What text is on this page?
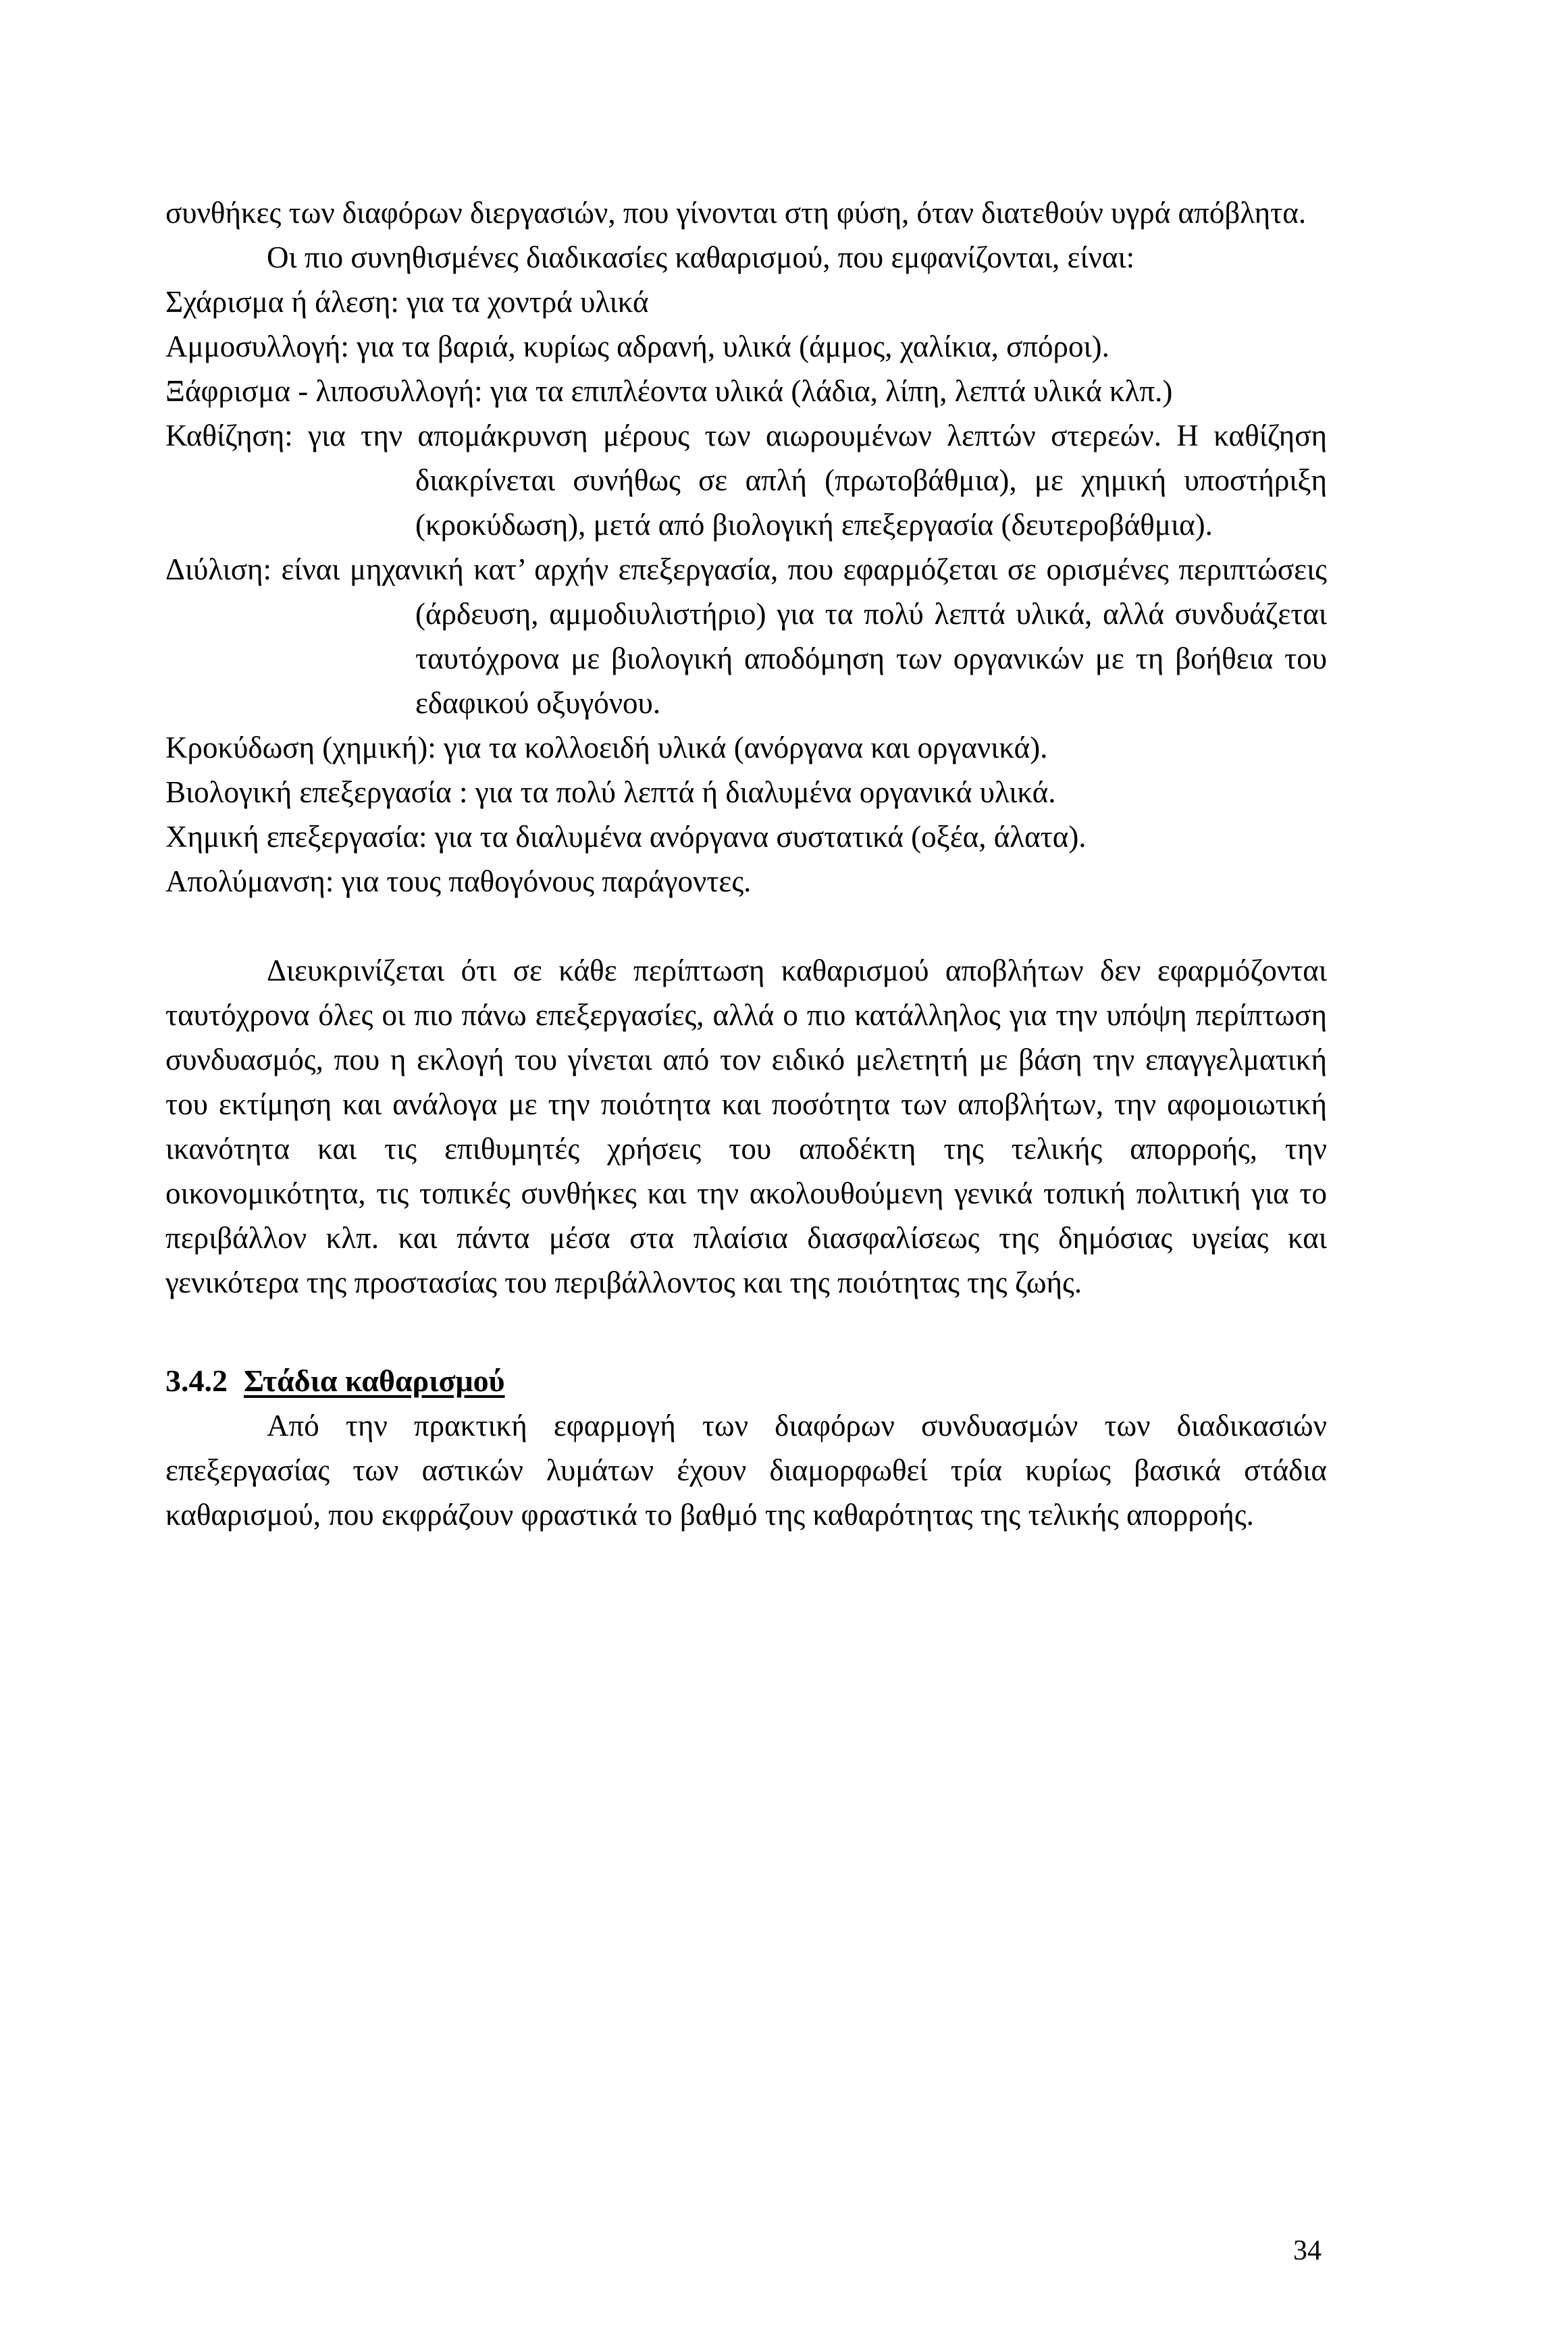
συνθήκες των διαφόρων διεργασιών, που γίνονται στη φύση, όταν διατεθούν υγρά απόβλητα.

Οι πιο συνηθισμένες διαδικασίες καθαρισμού, που εμφανίζονται, είναι:

Σχάρισμα ή άλεση: για τα χοντρά υλικά

Αμμοσυλλογή: για τα βαριά, κυρίως αδρανή, υλικά (άμμος, χαλίκια, σπόροι).

Ξάφρισμα - λιποσυλλογή: για τα επιπλέοντα υλικά (λάδια, λίπη, λεπτά υλικά κλπ.)

Καθίζηση: για την απομάκρυνση μέρους των αιωρουμένων λεπτών στερεών. Η καθίζηση διακρίνεται συνήθως σε απλή (πρωτοβάθμια), με χημική υποστήριξη (κροκύδωση), μετά από βιολογική επεξεργασία (δευτεροβάθμια).

Διύλιση: είναι μηχανική κατ’ αρχήν επεξεργασία, που εφαρμόζεται σε ορισμένες περιπτώσεις (άρδευση, αμμοδιυλιστήριο) για τα πολύ λεπτά υλικά, αλλά συνδυάζεται ταυτόχρονα με βιολογική αποδόμηση των οργανικών με τη βοήθεια του εδαφικού οξυγόνου.

Κροκύδωση (χημική): για τα κολλοειδή υλικά (ανόργανα και οργανικά).

Βιολογική επεξεργασία : για τα πολύ λεπτά ή διαλυμένα οργανικά υλικά.

Χημική επεξεργασία: για τα διαλυμένα ανόργανα συστατικά (οξέα, άλατα).

Απολύμανση: για τους παθογόνους παράγοντες.

Διευκρινίζεται ότι σε κάθε περίπτωση καθαρισμού αποβλήτων δεν εφαρμόζονται ταυτόχρονα όλες οι πιο πάνω επεξεργασίες, αλλά ο πιο κατάλληλος για την υπόψη περίπτωση συνδυασμός, που η εκλογή του γίνεται από τον ειδικό μελετητή με βάση την επαγγελματική του εκτίμηση και ανάλογα με την ποιότητα και ποσότητα των αποβλήτων, την αφομοιωτική ικανότητα και τις επιθυμητές χρήσεις του αποδέκτη της τελικής απορροής, την οικονομικότητα, τις τοπικές συνθήκες και την ακολουθούμενη γενικά τοπική πολιτική για το περιβάλλον κλπ. και πάντα μέσα στα πλαίσια διασφαλίσεως της δημόσιας υγείας και γενικότερα της προστασίας του περιβάλλοντος και της ποιότητας της ζωής.

3.4.2 Στάδια καθαρισμού

Από την πρακτική εφαρμογή των διαφόρων συνδυασμών των διαδικασιών επεξεργασίας των αστικών λυμάτων έχουν διαμορφωθεί τρία κυρίως βασικά στάδια καθαρισμού, που εκφράζουν φραστικά το βαθμό της καθαρότητας της τελικής απορροής.

34
